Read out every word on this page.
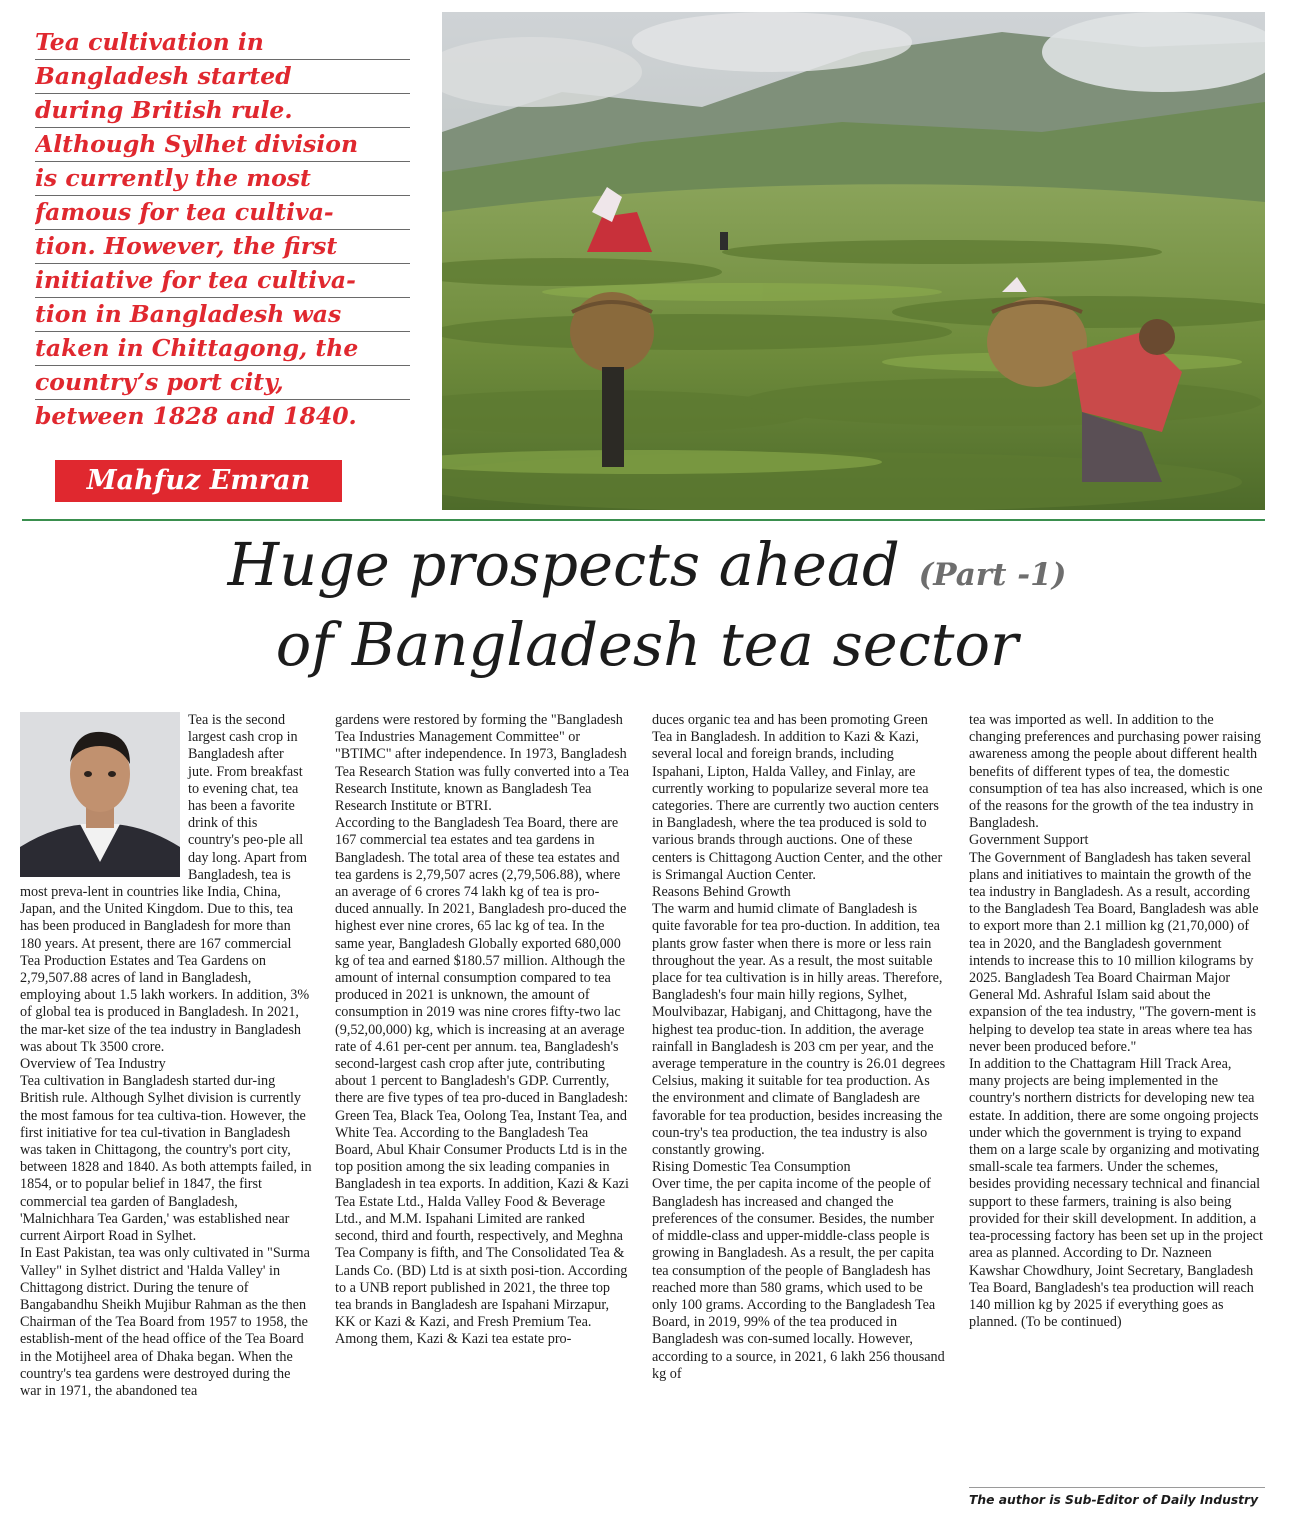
Tea cultivation in
Bangladesh started
during British rule.
Although Sylhet division
is currently the most
famous for tea cultiva-
tion. However, the first
initiative for tea cultiva-
tion in Bangladesh was
taken in Chittagong, the
country’s port city,
between 1828 and 1840.
Mahfuz Emran
Huge prospects ahead (Part -1)
of Bangladesh tea sector

Tea is the second largest cash crop in Bangladesh after jute. From breakfast to evening chat, tea has been a favorite drink of this country's peo-ple all day long. Apart from Bangladesh, tea is most preva-lent in countries like India, China, Japan, and the United Kingdom. Due to this, tea has been produced in Bangladesh for more than 180 years. At present, there are 167 commercial Tea Production Estates and Tea Gardens on 2,79,507.88 acres of land in Bangladesh, employing about 1.5 lakh workers. In addition, 3% of global tea is produced in Bangladesh. In 2021, the mar-ket size of the tea industry in Bangladesh was about Tk 3500 crore.

Overview of Tea Industry

Tea cultivation in Bangladesh started dur-ing British rule. Although Sylhet division is currently the most famous for tea cultiva-tion. However, the first initiative for tea cul-tivation in Bangladesh was taken in Chittagong, the country's port city, between 1828 and 1840. As both attempts failed, in 1854, or to popular belief in 1847, the first commercial tea garden of Bangladesh, 'Malnichhara Tea Garden,' was established near current Airport Road in Sylhet.

In East Pakistan, tea was only cultivated in "Surma Valley" in Sylhet district and 'Halda Valley' in Chittagong district. During the tenure of Bangabandhu Sheikh Mujibur Rahman as the then Chairman of the Tea Board from 1957 to 1958, the establish-ment of the head office of the Tea Board in the Motijheel area of Dhaka began. When the country's tea gardens were destroyed during the war in 1971, the abandoned tea

gardens were restored by forming the "Bangladesh Tea Industries Management Committee" or "BTIMC" after independence. In 1973, Bangladesh Tea Research Station was fully converted into a Tea Research Institute, known as Bangladesh Tea Research Institute or BTRI.

According to the Bangladesh Tea Board, there are 167 commercial tea estates and tea gardens in Bangladesh. The total area of these tea estates and tea gardens is 2,79,507 acres (2,79,506.88), where an average of 6 crores 74 lakh kg of tea is pro-duced annually. In 2021, Bangladesh pro-duced the highest ever nine crores, 65 lac kg of tea. In the same year, Bangladesh Globally exported 680,000 kg of tea and earned $180.57 million. Although the amount of internal consumption compared to tea produced in 2021 is unknown, the amount of consumption in 2019 was nine crores fifty-two lac (9,52,00,000) kg, which is increasing at an average rate of 4.61 per-cent per annum. tea, Bangladesh's second-largest cash crop after jute, contributing about 1 percent to Bangladesh's GDP. Currently, there are five types of tea pro-duced in Bangladesh: Green Tea, Black Tea, Oolong Tea, Instant Tea, and White Tea. According to the Bangladesh Tea Board, Abul Khair Consumer Products Ltd is in the top position among the six leading companies in Bangladesh in tea exports. In addition, Kazi & Kazi Tea Estate Ltd., Halda Valley Food & Beverage Ltd., and M.M. Ispahani Limited are ranked second, third and fourth, respectively, and Meghna Tea Company is fifth, and The Consolidated Tea & Lands Co. (BD) Ltd is at sixth posi-tion. According to a UNB report published in 2021, the three top tea brands in Bangladesh are Ispahani Mirzapur, KK or Kazi & Kazi, and Fresh Premium Tea. Among them, Kazi & Kazi tea estate pro-

duces organic tea and has been promoting Green Tea in Bangladesh. In addition to Kazi & Kazi, several local and foreign brands, including Ispahani, Lipton, Halda Valley, and Finlay, are currently working to popularize several more tea categories. There are currently two auction centers in Bangladesh, where the tea produced is sold to various brands through auctions. One of these centers is Chittagong Auction Center, and the other is Srimangal Auction Center.

Reasons Behind Growth

The warm and humid climate of Bangladesh is quite favorable for tea pro-duction. In addition, tea plants grow faster when there is more or less rain throughout the year. As a result, the most suitable place for tea cultivation is in hilly areas. Therefore, Bangladesh's four main hilly regions, Sylhet, Moulvibazar, Habiganj, and Chittagong, have the highest tea produc-tion. In addition, the average rainfall in Bangladesh is 203 cm per year, and the average temperature in the country is 26.01 degrees Celsius, making it suitable for tea production. As the environment and climate of Bangladesh are favorable for tea production, besides increasing the coun-try's tea production, the tea industry is also constantly growing.

Rising Domestic Tea Consumption

Over time, the per capita income of the people of Bangladesh has increased and changed the preferences of the consumer. Besides, the number of middle-class and upper-middle-class people is growing in Bangladesh. As a result, the per capita tea consumption of the people of Bangladesh has reached more than 580 grams, which used to be only 100 grams. According to the Bangladesh Tea Board, in 2019, 99% of the tea produced in Bangladesh was con-sumed locally. However, according to a source, in 2021, 6 lakh 256 thousand kg of

tea was imported as well. In addition to the changing preferences and purchasing power raising awareness among the people about different health benefits of different types of tea, the domestic consumption of tea has also increased, which is one of the reasons for the growth of the tea industry in Bangladesh.

Government Support

The Government of Bangladesh has taken several plans and initiatives to maintain the growth of the tea industry in Bangladesh. As a result, according to the Bangladesh Tea Board, Bangladesh was able to export more than 2.1 million kg (21,70,000) of tea in 2020, and the Bangladesh government intends to increase this to 10 million kilograms by 2025. Bangladesh Tea Board Chairman Major General Md. Ashraful Islam said about the expansion of the tea industry, "The govern-ment is helping to develop tea state in areas where tea has never been produced before."

In addition to the Chattagram Hill Track Area, many projects are being implemented in the country's northern districts for developing new tea estate. In addition, there are some ongoing projects under which the government is trying to expand them on a large scale by organizing and motivating small-scale tea farmers. Under the schemes, besides providing necessary technical and financial support to these farmers, training is also being provided for their skill development. In addition, a tea-processing factory has been set up in the project area as planned. According to Dr. Nazneen Kawshar Chowdhury, Joint Secretary, Bangladesh Tea Board, Bangladesh's tea production will reach 140 million kg by 2025 if everything goes as planned. (To be continued)

The author is Sub-Editor of Daily Industry
